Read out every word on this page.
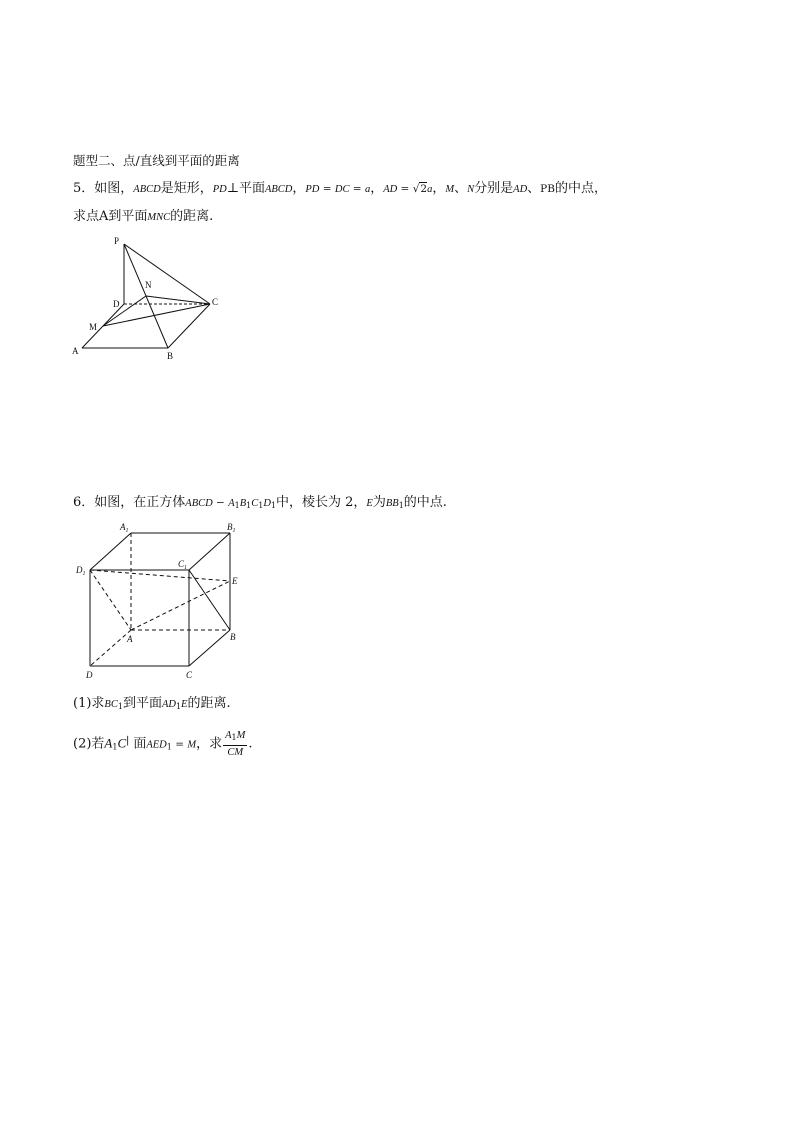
题型二、点/直线到平面的距离
5．如图，ABCD是矩形，PD⊥平面ABCD，PD = DC = a，AD = √2a，M、N分别是AD、PB的中点，
求点A到平面MNC的距离.
P
N
D	C
M
A	B
6．如图，在正方体ABCD − $A_1B_1C_1D_1$中，棱长为 2，E为$BB_1$的中点.
$A_1$	$B_1$
$C_1$
$D_1$
E
A	B
C
D
(1)求$BC_1$到平面$AD_1E$的距离.
(2)若$A_1C^∣$ 面$AED_1 = M$，求 $\frac{A_1M}{CM}$ .
